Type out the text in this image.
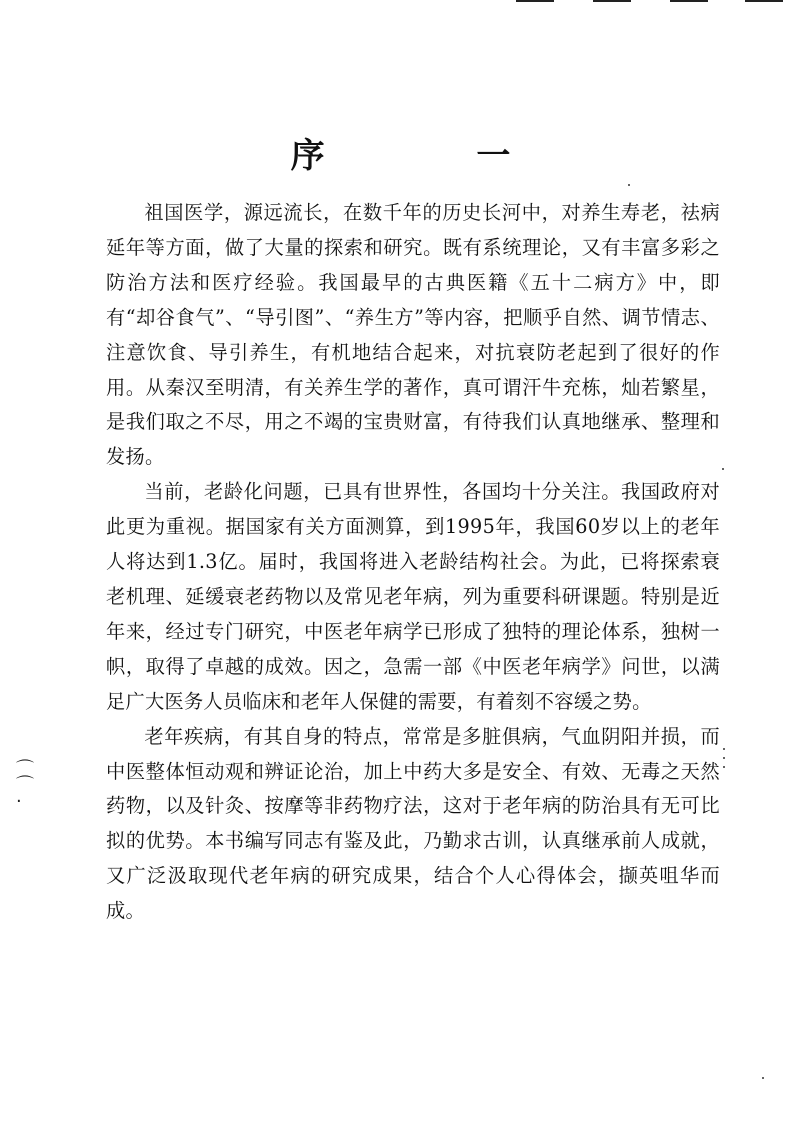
序 一

祖国医学，源远流长，在数千年的历史长河中，对养生寿老，祛病延年等方面，做了大量的探索和研究。既有系统理论，又有丰富多彩之防治方法和医疗经验。我国最早的古典医籍《五十二病方》中，即有“却谷食气”、“导引图”、“养生方”等内容，把顺乎自然、调节情志、注意饮食、导引养生，有机地结合起来，对抗衰防老起到了很好的作用。从秦汉至明清，有关养生学的著作，真可谓汗牛充栋，灿若繁星，是我们取之不尽，用之不竭的宝贵财富，有待我们认真地继承、整理和发扬。

当前，老龄化问题，已具有世界性，各国均十分关注。我国政府对此更为重视。据国家有关方面测算，到1995年，我国60岁以上的老年人将达到1.3亿。届时，我国将进入老龄结构社会。为此，已将探索衰老机理、延缓衰老药物以及常见老年病，列为重要科研课题。特别是近年来，经过专门研究，中医老年病学已形成了独特的理论体系，独树一帜，取得了卓越的成效。因之，急需一部《中医老年病学》问世，以满足广大医务人员临床和老年人保健的需要，有着刻不容缓之势。

老年疾病，有其自身的特点，常常是多脏俱病，气血阴阳并损，而中医整体恒动观和辨证论治，加上中药大多是安全、有效、无毒之天然药物，以及针灸、按摩等非药物疗法，这对于老年病的防治具有无可比拟的优势。本书编写同志有鉴及此，乃勤求古训，认真继承前人成就，又广泛汲取现代老年病的研究成果，结合个人心得体会，撷英咀华而成。

⌒
⌒
·
